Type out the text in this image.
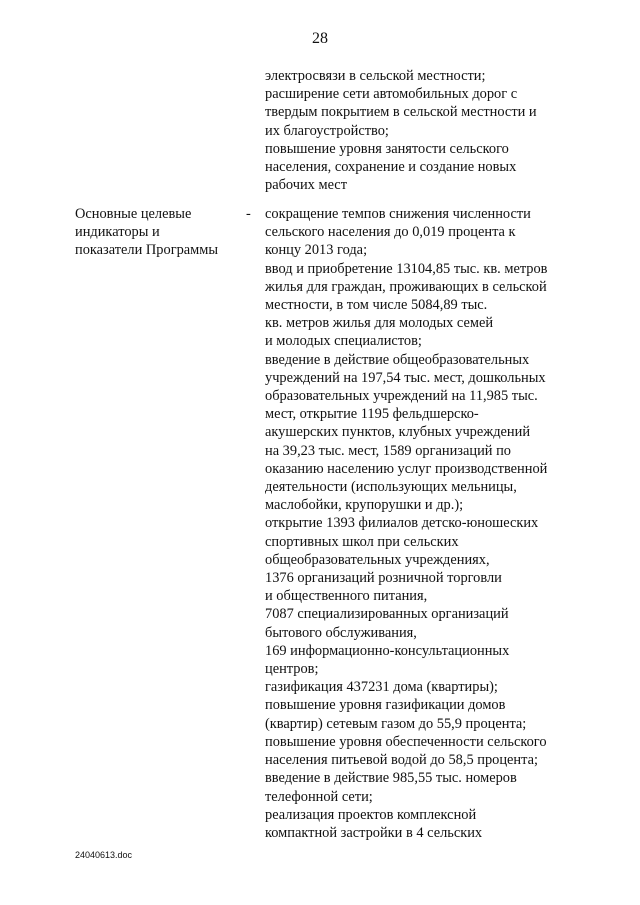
28
электросвязи в сельской местности;
расширение сети автомобильных дорог с
твердым покрытием в сельской местности и
их благоустройство;
повышение уровня занятости сельского
населения, сохранение и создание новых
рабочих мест
Основные целевые
индикаторы и
показатели Программы
- сокращение темпов снижения численности
сельского населения до 0,019 процента к
концу 2013 года;
ввод и приобретение 13104,85 тыс. кв. метров
жилья для граждан, проживающих в сельской
местности, в том числе 5084,89 тыс.
кв. метров жилья для молодых семей
и молодых специалистов;
введение в действие общеобразовательных
учреждений на 197,54 тыс. мест, дошкольных
образовательных учреждений на 11,985 тыс.
мест, открытие 1195 фельдшерско-
акушерских пунктов, клубных учреждений
на 39,23 тыс. мест, 1589 организаций по
оказанию населению услуг производственной
деятельности (использующих мельницы,
маслобойки, крупорушки и др.);
открытие 1393 филиалов детско-юношеских
спортивных школ при сельских
общеобразовательных учреждениях,
1376 организаций розничной торговли
и общественного питания,
7087 специализированных организаций
бытового обслуживания,
169 информационно-консультационных
центров;
газификация 437231 дома (квартиры);
повышение уровня газификации домов
(квартир) сетевым газом до 55,9 процента;
повышение уровня обеспеченности сельского
населения питьевой водой до 58,5 процента;
введение в действие 985,55 тыс. номеров
телефонной сети;
реализация проектов комплексной
компактной застройки в 4 сельских
24040613.doc
